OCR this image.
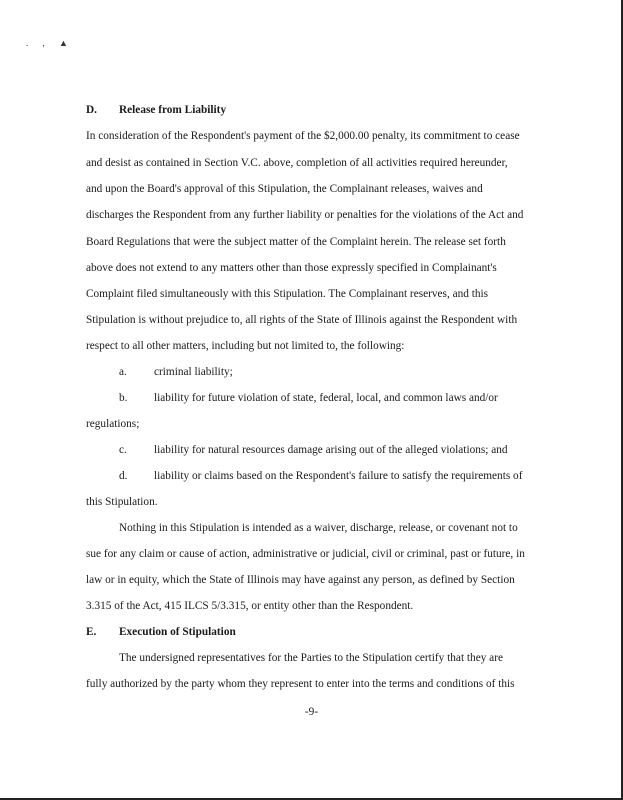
. , ▲
D. Release from Liability
In consideration of the Respondent's payment of the $2,000.00 penalty, its commitment to cease
and desist as contained in Section V.C. above, completion of all activities required hereunder,
and upon the Board's approval of this Stipulation, the Complainant releases, waives and
discharges the Respondent from any further liability or penalties for the violations of the Act and
Board Regulations that were the subject matter of the Complaint herein. The release set forth
above does not extend to any matters other than those expressly specified in Complainant's
Complaint filed simultaneously with this Stipulation. The Complainant reserves, and this
Stipulation is without prejudice to, all rights of the State of Illinois against the Respondent with
respect to all other matters, including but not limited to, the following:
a. criminal liability;
b. liability for future violation of state, federal, local, and common laws and/or
regulations;
c. liability for natural resources damage arising out of the alleged violations; and
d. liability or claims based on the Respondent's failure to satisfy the requirements of
this Stipulation.
Nothing in this Stipulation is intended as a waiver, discharge, release, or covenant not to
sue for any claim or cause of action, administrative or judicial, civil or criminal, past or future, in
law or in equity, which the State of Illinois may have against any person, as defined by Section
3.315 of the Act, 415 ILCS 5/3.315, or entity other than the Respondent.
E. Execution of Stipulation
The undersigned representatives for the Parties to the Stipulation certify that they are
fully authorized by the party whom they represent to enter into the terms and conditions of this
-9-
